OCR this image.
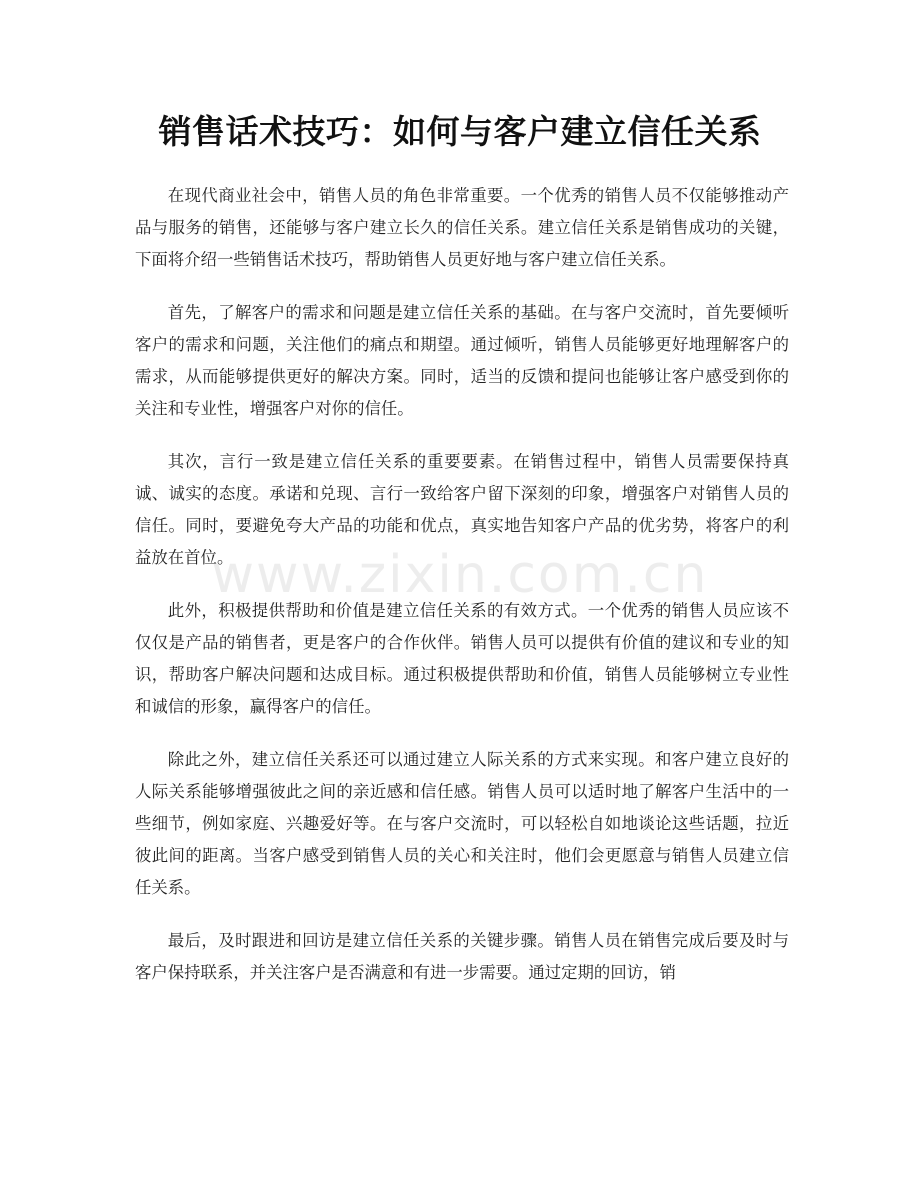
销售话术技巧：如何与客户建立信任关系

在现代商业社会中，销售人员的角色非常重要。一个优秀的销售人员不仅能够推动产品与服务的销售，还能够与客户建立长久的信任关系。建立信任关系是销售成功的关键，下面将介绍一些销售话术技巧，帮助销售人员更好地与客户建立信任关系。

首先，了解客户的需求和问题是建立信任关系的基础。在与客户交流时，首先要倾听客户的需求和问题，关注他们的痛点和期望。通过倾听，销售人员能够更好地理解客户的需求，从而能够提供更好的解决方案。同时，适当的反馈和提问也能够让客户感受到你的关注和专业性，增强客户对你的信任。

其次，言行一致是建立信任关系的重要要素。在销售过程中，销售人员需要保持真诚、诚实的态度。承诺和兑现、言行一致给客户留下深刻的印象，增强客户对销售人员的信任。同时，要避免夸大产品的功能和优点，真实地告知客户产品的优劣势，将客户的利益放在首位。

此外，积极提供帮助和价值是建立信任关系的有效方式。一个优秀的销售人员应该不仅仅是产品的销售者，更是客户的合作伙伴。销售人员可以提供有价值的建议和专业的知识，帮助客户解决问题和达成目标。通过积极提供帮助和价值，销售人员能够树立专业性和诚信的形象，赢得客户的信任。

除此之外，建立信任关系还可以通过建立人际关系的方式来实现。和客户建立良好的人际关系能够增强彼此之间的亲近感和信任感。销售人员可以适时地了解客户生活中的一些细节，例如家庭、兴趣爱好等。在与客户交流时，可以轻松自如地谈论这些话题，拉近彼此间的距离。当客户感受到销售人员的关心和关注时，他们会更愿意与销售人员建立信任关系。

最后，及时跟进和回访是建立信任关系的关键步骤。销售人员在销售完成后要及时与客户保持联系，并关注客户是否满意和有进一步需要。通过定期的回访，销

www.zixin.com.cn
